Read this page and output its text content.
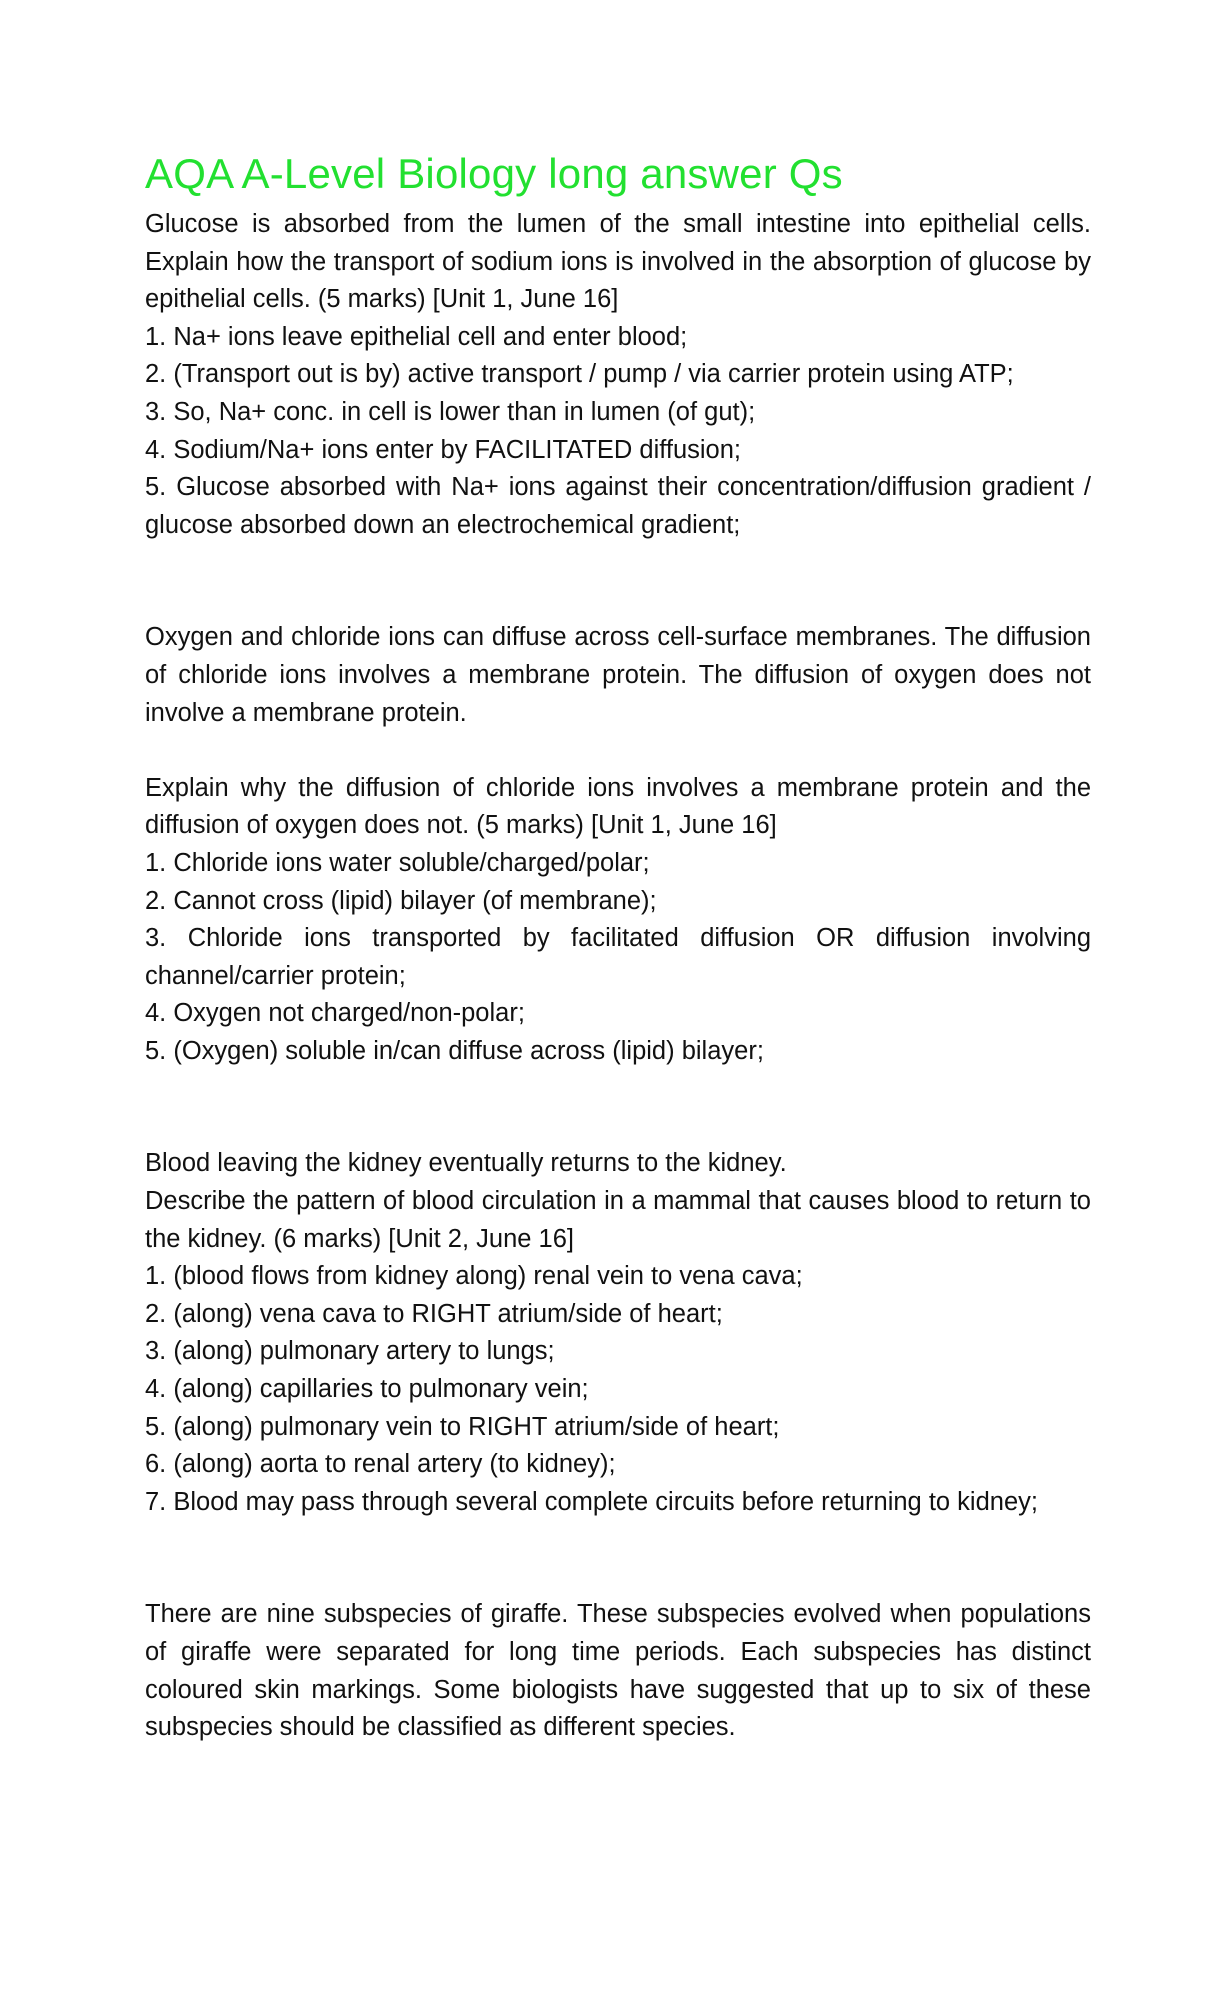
AQA A-Level Biology long answer Qs

Glucose is absorbed from the lumen of the small intestine into epithelial cells. Explain how the transport of sodium ions is involved in the absorption of glucose by epithelial cells. (5 marks) [Unit 1, June 16]

1. Na+ ions leave epithelial cell and enter blood;

2. (Transport out is by) active transport / pump / via carrier protein using ATP;

3. So, Na+ conc. in cell is lower than in lumen (of gut);

4. Sodium/Na+ ions enter by FACILITATED diffusion;

5. Glucose absorbed with Na+ ions against their concentration/diffusion gradient / glucose absorbed down an electrochemical gradient;

Oxygen and chloride ions can diffuse across cell-surface membranes. The diffusion of chloride ions involves a membrane protein. The diffusion of oxygen does not involve a membrane protein.

Explain why the diffusion of chloride ions involves a membrane protein and the diffusion of oxygen does not. (5 marks) [Unit 1, June 16]

1. Chloride ions water soluble/charged/polar;

2. Cannot cross (lipid) bilayer (of membrane);

3. Chloride ions transported by facilitated diffusion OR diffusion involving channel/carrier protein;

4. Oxygen not charged/non-polar;

5. (Oxygen) soluble in/can diffuse across (lipid) bilayer;

Blood leaving the kidney eventually returns to the kidney.

Describe the pattern of blood circulation in a mammal that causes blood to return to the kidney. (6 marks) [Unit 2, June 16]

1. (blood flows from kidney along) renal vein to vena cava;

2. (along) vena cava to RIGHT atrium/side of heart;

3. (along) pulmonary artery to lungs;

4. (along) capillaries to pulmonary vein;

5. (along) pulmonary vein to RIGHT atrium/side of heart;

6. (along) aorta to renal artery (to kidney);

7. Blood may pass through several complete circuits before returning to kidney;

There are nine subspecies of giraffe. These subspecies evolved when populations of giraffe were separated for long time periods. Each subspecies has distinct coloured skin markings. Some biologists have suggested that up to six of these subspecies should be classified as different species.
